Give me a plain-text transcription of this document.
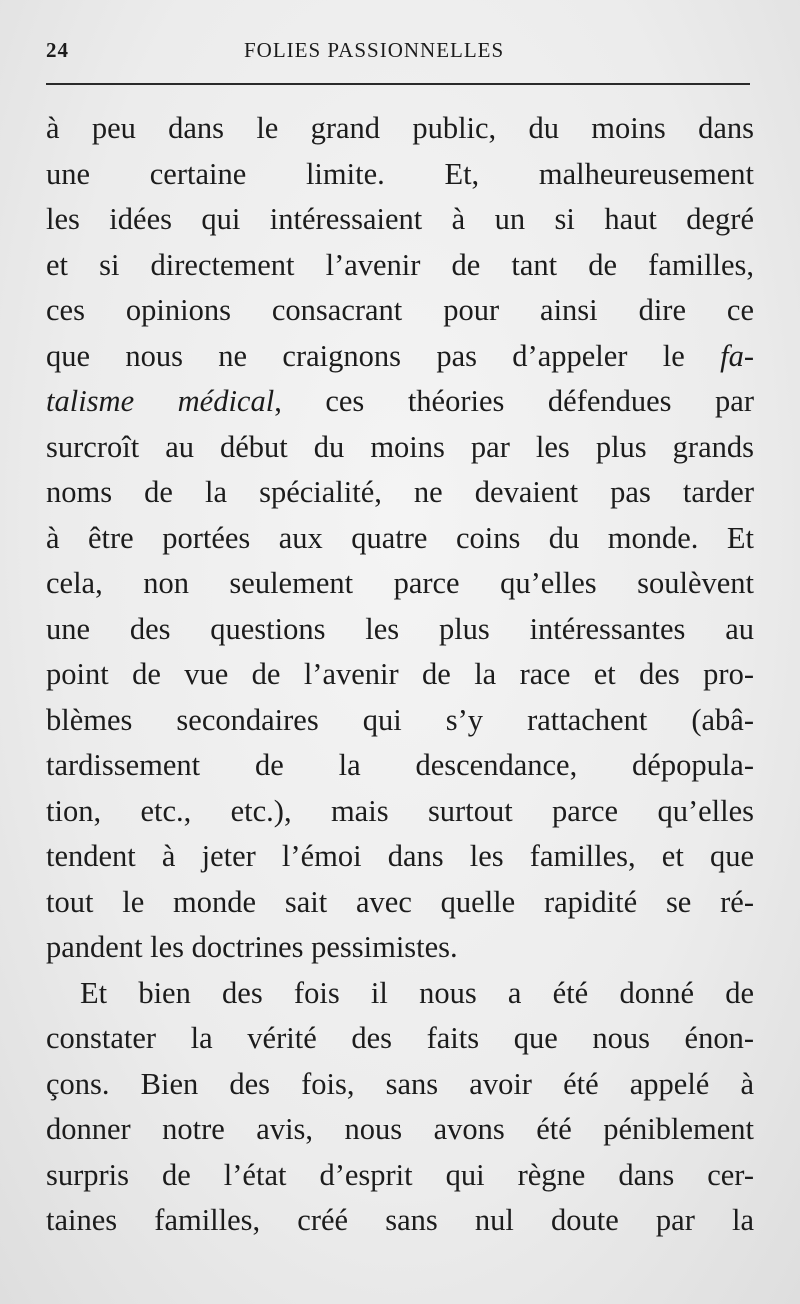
24	FOLIES PASSIONNELLES
à peu dans le grand public, du moins dans
une certaine limite. Et, malheureusement
les idées qui intéressaient à un si haut degré
et si directement l’avenir de tant de familles,
ces opinions consacrant pour ainsi dire ce
que nous ne craignons pas d’appeler le fa-
talisme médical, ces théories défendues par
surcroît au début du moins par les plus grands
noms de la spécialité, ne devaient pas tarder
à être portées aux quatre coins du monde. Et
cela, non seulement parce qu’elles soulèvent
une des questions les plus intéressantes au
point de vue de l’avenir de la race et des pro-
blèmes secondaires qui s’y rattachent (abâ-
tardissement de la descendance, dépopula-
tion, etc., etc.), mais surtout parce qu’elles
tendent à jeter l’émoi dans les familles, et que
tout le monde sait avec quelle rapidité se ré-
pandent les doctrines pessimistes.
Et bien des fois il nous a été donné de
constater la vérité des faits que nous énon-
çons. Bien des fois, sans avoir été appelé à
donner notre avis, nous avons été péniblement
surpris de l’état d’esprit qui règne dans cer-
taines familles, créé sans nul doute par la
